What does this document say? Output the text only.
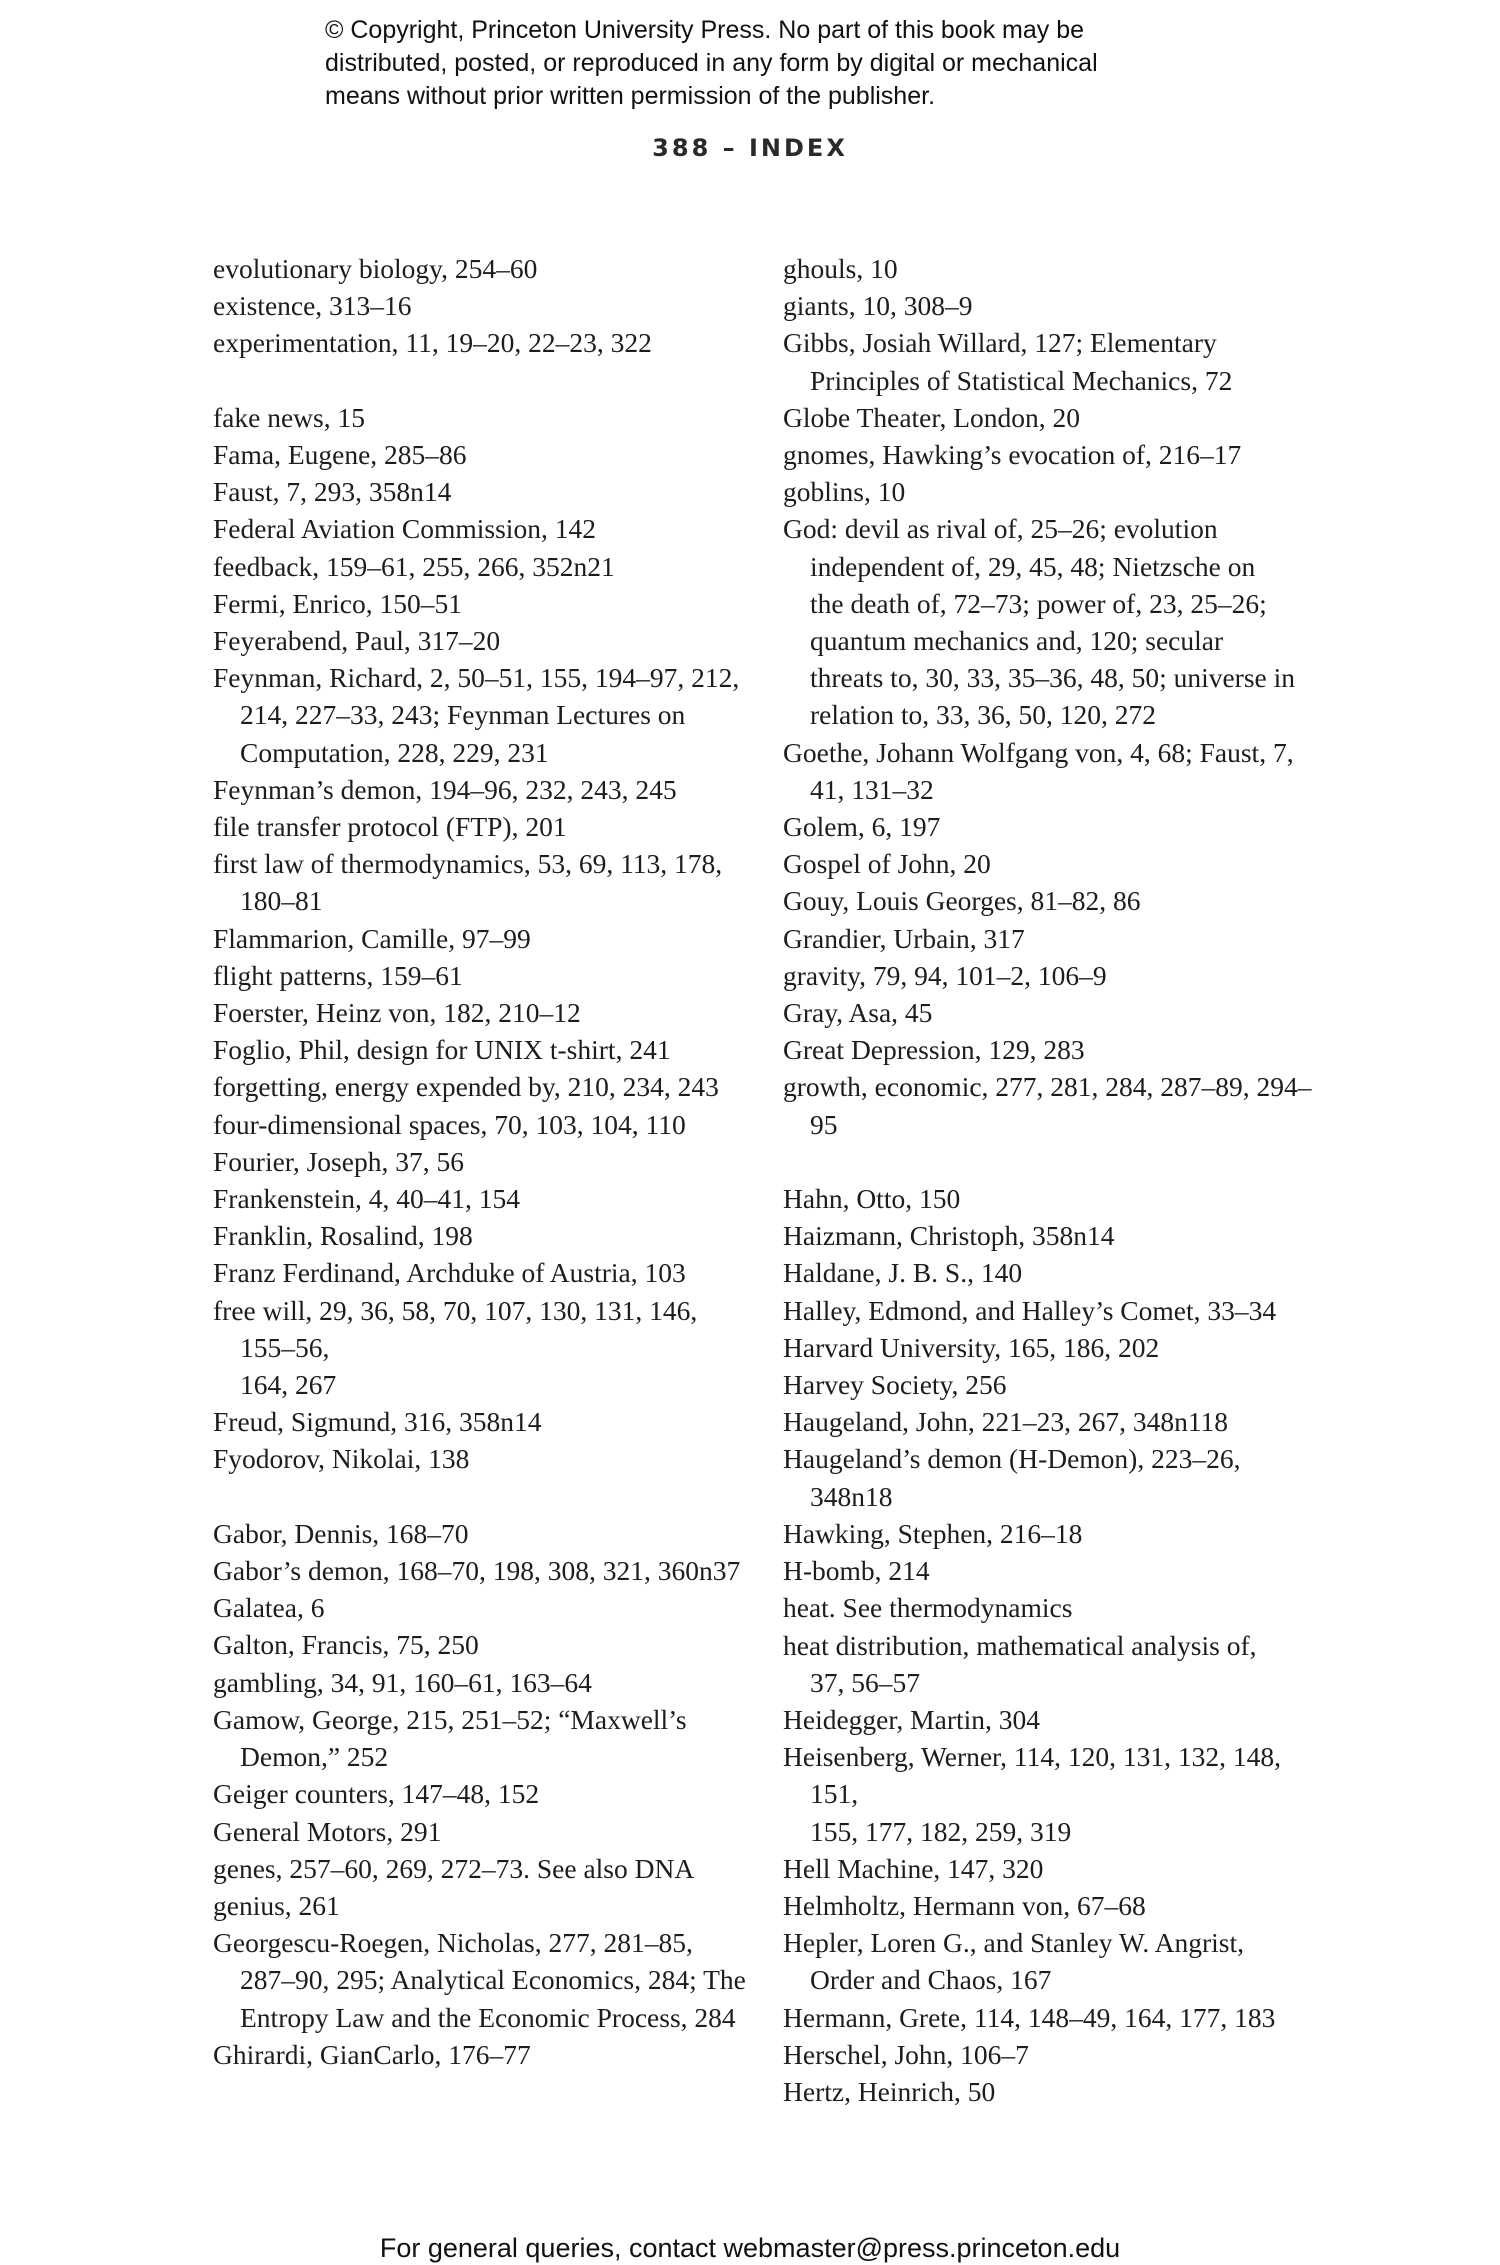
© Copyright, Princeton University Press. No part of this book may be
distributed, posted, or reproduced in any form by digital or mechanical
means without prior written permission of the publisher.
388 – INDEX
evolutionary biology, 254–60
existence, 313–16
experimentation, 11, 19–20, 22–23, 322
fake news, 15
Fama, Eugene, 285–86
Faust, 7, 293, 358n14
Federal Aviation Commission, 142
feedback, 159–61, 255, 266, 352n21
Fermi, Enrico, 150–51
Feyerabend, Paul, 317–20
Feynman, Richard, 2, 50–51, 155, 194–97, 212,
214, 227–33, 243; Feynman Lectures on
Computation, 228, 229, 231
Feynman’s demon, 194–96, 232, 243, 245
file transfer protocol (FTP), 201
first law of thermodynamics, 53, 69, 113, 178,
180–81
Flammarion, Camille, 97–99
flight patterns, 159–61
Foerster, Heinz von, 182, 210–12
Foglio, Phil, design for UNIX t-shirt, 241
forgetting, energy expended by, 210, 234, 243
four-dimensional spaces, 70, 103, 104, 110
Fourier, Joseph, 37, 56
Frankenstein, 4, 40–41, 154
Franklin, Rosalind, 198
Franz Ferdinand, Archduke of Austria, 103
free will, 29, 36, 58, 70, 107, 130, 131, 146, 155–56,
164, 267
Freud, Sigmund, 316, 358n14
Fyodorov, Nikolai, 138
Gabor, Dennis, 168–70
Gabor’s demon, 168–70, 198, 308, 321, 360n37
Galatea, 6
Galton, Francis, 75, 250
gambling, 34, 91, 160–61, 163–64
Gamow, George, 215, 251–52; “Maxwell’s
Demon,” 252
Geiger counters, 147–48, 152
General Motors, 291
genes, 257–60, 269, 272–73. See also DNA
genius, 261
Georgescu-Roegen, Nicholas, 277, 281–85,
287–90, 295; Analytical Economics, 284; The
Entropy Law and the Economic Process, 284
Ghirardi, GianCarlo, 176–77
ghouls, 10
giants, 10, 308–9
Gibbs, Josiah Willard, 127; Elementary
Principles of Statistical Mechanics, 72
Globe Theater, London, 20
gnomes, Hawking’s evocation of, 216–17
goblins, 10
God: devil as rival of, 25–26; evolution
independent of, 29, 45, 48; Nietzsche on
the death of, 72–73; power of, 23, 25–26;
quantum mechanics and, 120; secular
threats to, 30, 33, 35–36, 48, 50; universe in
relation to, 33, 36, 50, 120, 272
Goethe, Johann Wolfgang von, 4, 68; Faust, 7,
41, 131–32
Golem, 6, 197
Gospel of John, 20
Gouy, Louis Georges, 81–82, 86
Grandier, Urbain, 317
gravity, 79, 94, 101–2, 106–9
Gray, Asa, 45
Great Depression, 129, 283
growth, economic, 277, 281, 284, 287–89, 294–95
Hahn, Otto, 150
Haizmann, Christoph, 358n14
Haldane, J. B. S., 140
Halley, Edmond, and Halley’s Comet, 33–34
Harvard University, 165, 186, 202
Harvey Society, 256
Haugeland, John, 221–23, 267, 348n118
Haugeland’s demon (H-Demon), 223–26,
348n18
Hawking, Stephen, 216–18
H-bomb, 214
heat. See thermodynamics
heat distribution, mathematical analysis of,
37, 56–57
Heidegger, Martin, 304
Heisenberg, Werner, 114, 120, 131, 132, 148, 151,
155, 177, 182, 259, 319
Hell Machine, 147, 320
Helmholtz, Hermann von, 67–68
Hepler, Loren G., and Stanley W. Angrist,
Order and Chaos, 167
Hermann, Grete, 114, 148–49, 164, 177, 183
Herschel, John, 106–7
Hertz, Heinrich, 50
For general queries, contact webmaster@press.princeton.edu
